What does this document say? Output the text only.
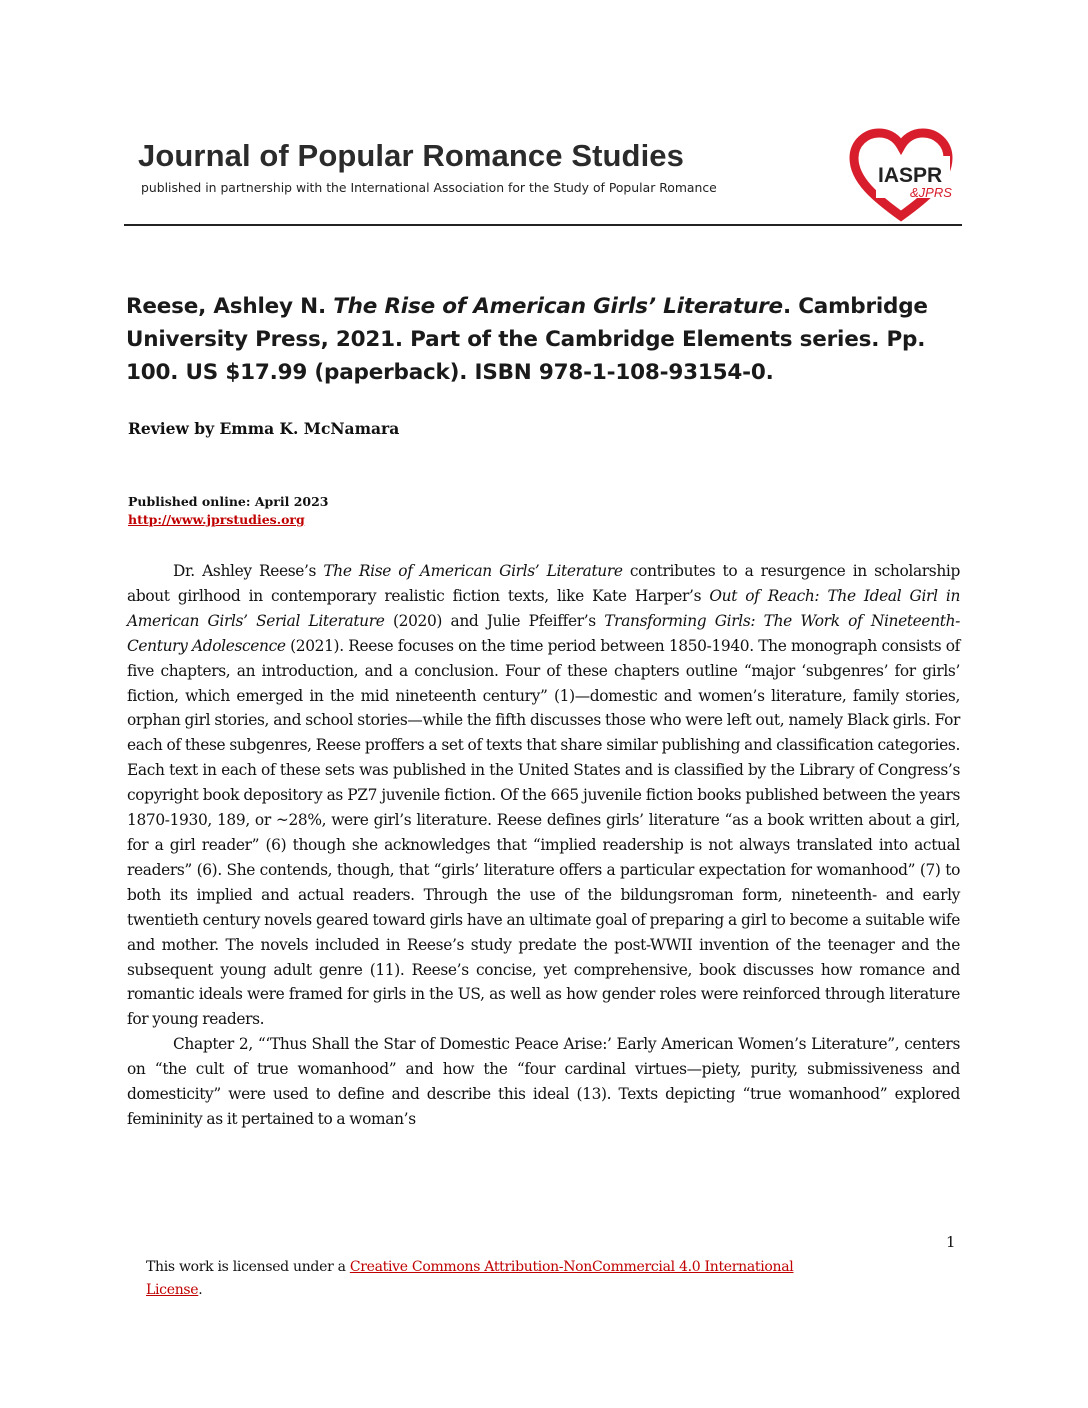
Journal of Popular Romance Studies
published in partnership with the International Association for the Study of Popular Romance
IASPR
&JPRS
Reese, Ashley N. The Rise of American Girls’ Literature. Cambridge University Press, 2021. Part of the Cambridge Elements series. Pp. 100. US $17.99 (paperback). ISBN 978-1-108-93154-0.
Review by Emma K. McNamara
Published online: April 2023
http://www.jprstudies.org

Dr. Ashley Reese’s The Rise of American Girls’ Literature contributes to a resurgence in scholarship about girlhood in contemporary realistic fiction texts, like Kate Harper’s Out of Reach: The Ideal Girl in American Girls’ Serial Literature (2020) and Julie Pfeiffer’s Transforming Girls: The Work of Nineteenth-Century Adolescence (2021). Reese focuses on the time period between 1850-1940. The monograph consists of five chapters, an introduction, and a conclusion. Four of these chapters outline “major ‘subgenres’ for girls’ fiction, which emerged in the mid nineteenth century” (1)—domestic and women’s literature, family stories, orphan girl stories, and school stories—while the fifth discusses those who were left out, namely Black girls. For each of these subgenres, Reese proffers a set of texts that share similar publishing and classification categories. Each text in each of these sets was published in the United States and is classified by the Library of Congress’s copyright book depository as PZ7 juvenile fiction. Of the 665 juvenile fiction books published between the years 1870-1930, 189, or ~28%, were girl’s literature. Reese defines girls’ literature “as a book written about a girl, for a girl reader” (6) though she acknowledges that “implied readership is not always translated into actual readers” (6). She contends, though, that “girls’ literature offers a particular expectation for womanhood” (7) to both its implied and actual readers. Through the use of the bildungsroman form, nineteenth- and early twentieth century novels geared toward girls have an ultimate goal of preparing a girl to become a suitable wife and mother. The novels included in Reese’s study predate the post-WWII invention of the teenager and the subsequent young adult genre (11). Reese’s concise, yet comprehensive, book discusses how romance and romantic ideals were framed for girls in the US, as well as how gender roles were reinforced through literature for young readers.

Chapter 2, “‘Thus Shall the Star of Domestic Peace Arise:’ Early American Women’s Literature”, centers on “the cult of true womanhood” and how the “four cardinal virtues—piety, purity, submissiveness and domesticity” were used to define and describe this ideal (13). Texts depicting “true womanhood” explored femininity as it pertained to a woman’s

1
This work is licensed under a Creative Commons Attribution-NonCommercial 4.0 International License.
